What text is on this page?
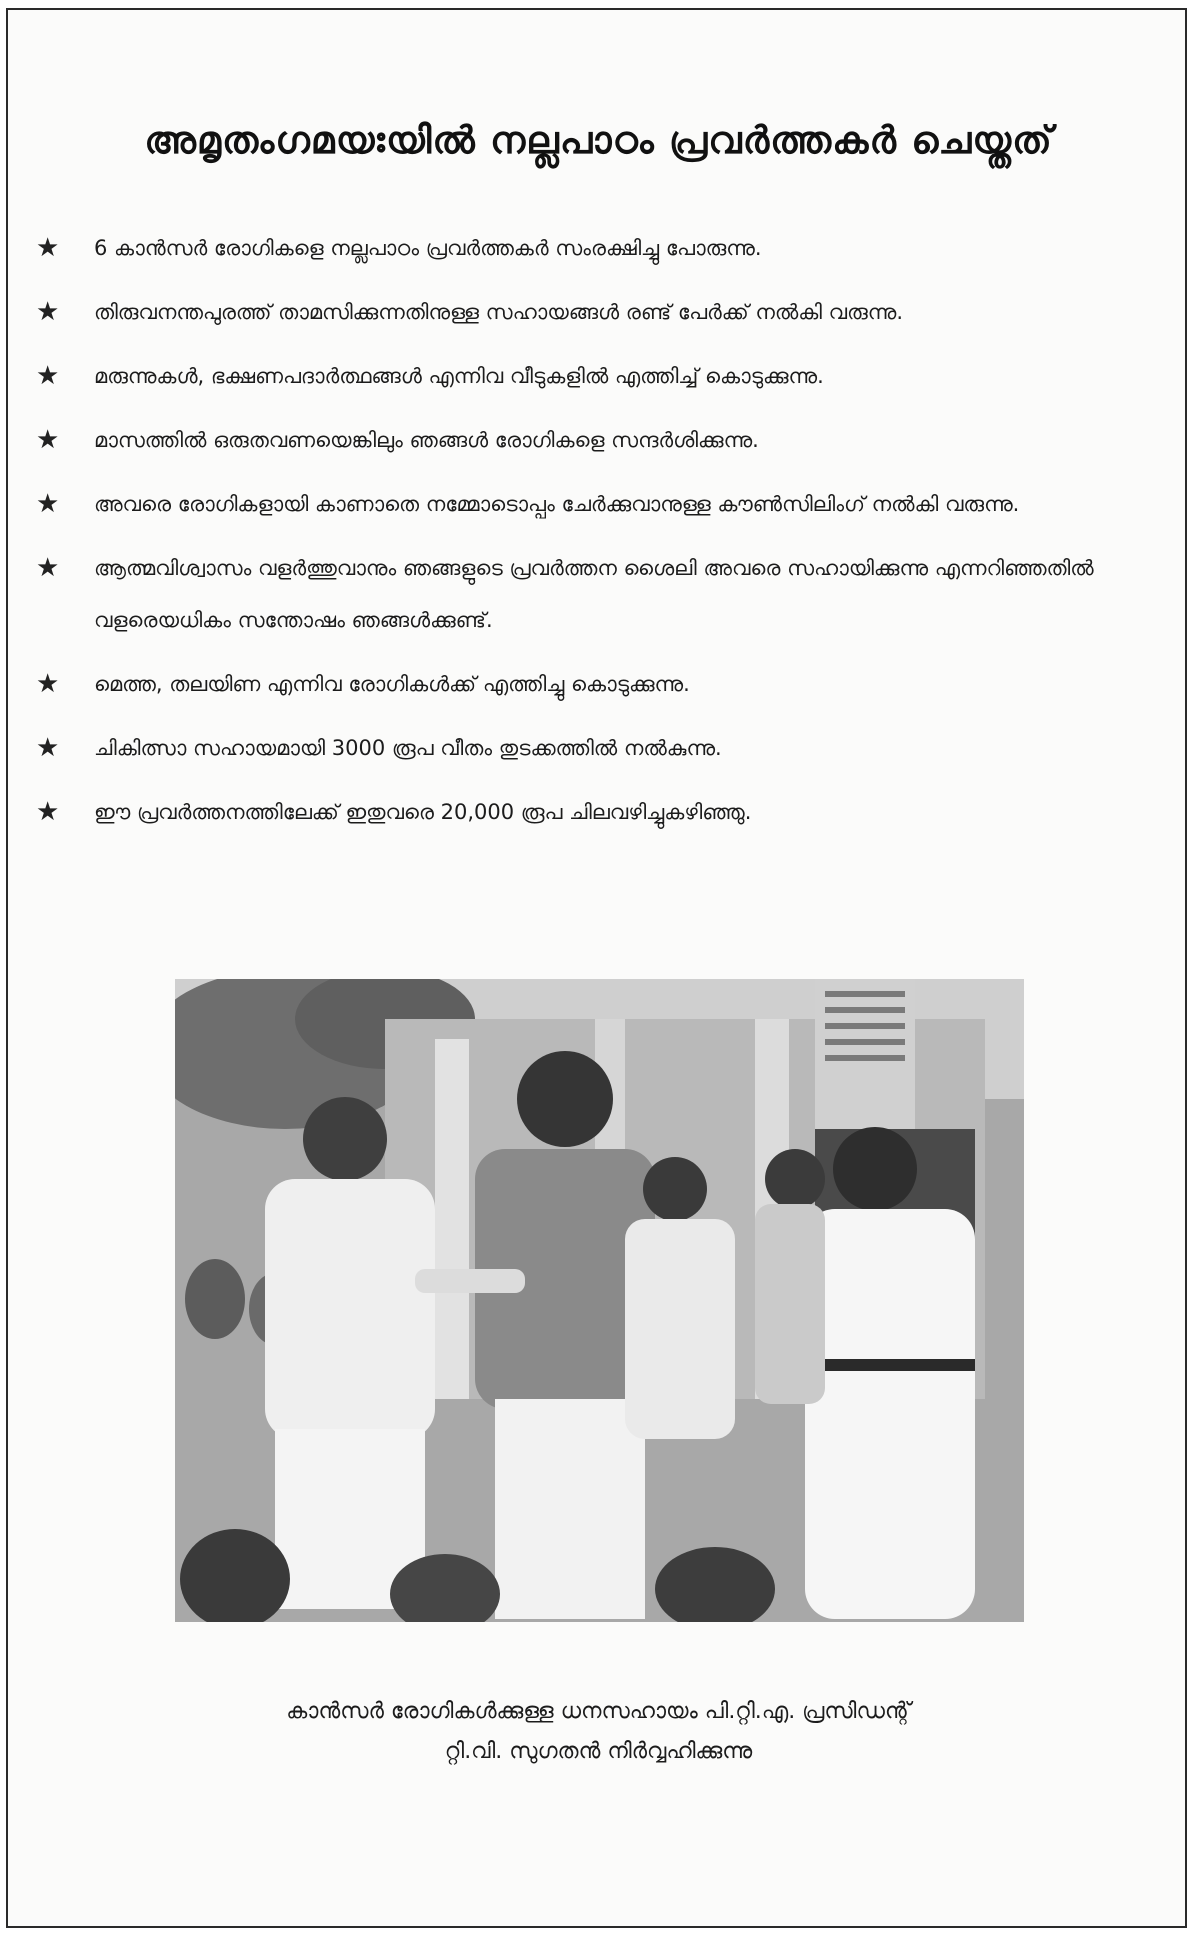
അമൃതംഗമയഃയിൽ നല്ലപാഠം പ്രവർത്തകർ ചെയ്തത്
★ 6 കാൻസർ രോഗികളെ നല്ലപാഠം പ്രവർത്തകർ സംരക്ഷിച്ചു പോരുന്നു.
★ തിരുവനന്തപുരത്ത് താമസിക്കുന്നതിനുള്ള സഹായങ്ങൾ രണ്ട് പേർക്ക് നൽകി വരുന്നു.
★ മരുന്നുകൾ, ഭക്ഷണപദാർത്ഥങ്ങൾ എന്നിവ വീടുകളിൽ എത്തിച്ച് കൊടുക്കുന്നു.
★ മാസത്തിൽ ഒരുതവണയെങ്കിലും ഞങ്ങൾ രോഗികളെ സന്ദർശിക്കുന്നു.
★ അവരെ രോഗികളായി കാണാതെ നമ്മോടൊപ്പം ചേർക്കുവാനുള്ള കൗൺസിലിംഗ് നൽകി വരുന്നു.
★ ആത്മവിശ്വാസം വളർത്തുവാനും ഞങ്ങളുടെ പ്രവർത്തന ശൈലി അവരെ സഹായിക്കുന്നു എന്നറിഞ്ഞതിൽ വളരെയധികം സന്തോഷം ഞങ്ങൾക്കുണ്ട്.
★ മെത്ത, തലയിണ എന്നിവ രോഗികൾക്ക് എത്തിച്ചു കൊടുക്കുന്നു.
★ ചികിത്സാ സഹായമായി 3000 രൂപ വീതം തുടക്കത്തിൽ നൽകുന്നു.
★ ഈ പ്രവർത്തനത്തിലേക്ക് ഇതുവരെ 20,000 രൂപ ചിലവഴിച്ചുകഴിഞ്ഞു.
കാൻസർ രോഗികൾക്കുള്ള ധനസഹായം പി.റ്റി.എ. പ്രസിഡന്റ്
റ്റി.വി. സുഗതൻ നിർവ്വഹിക്കുന്നു
